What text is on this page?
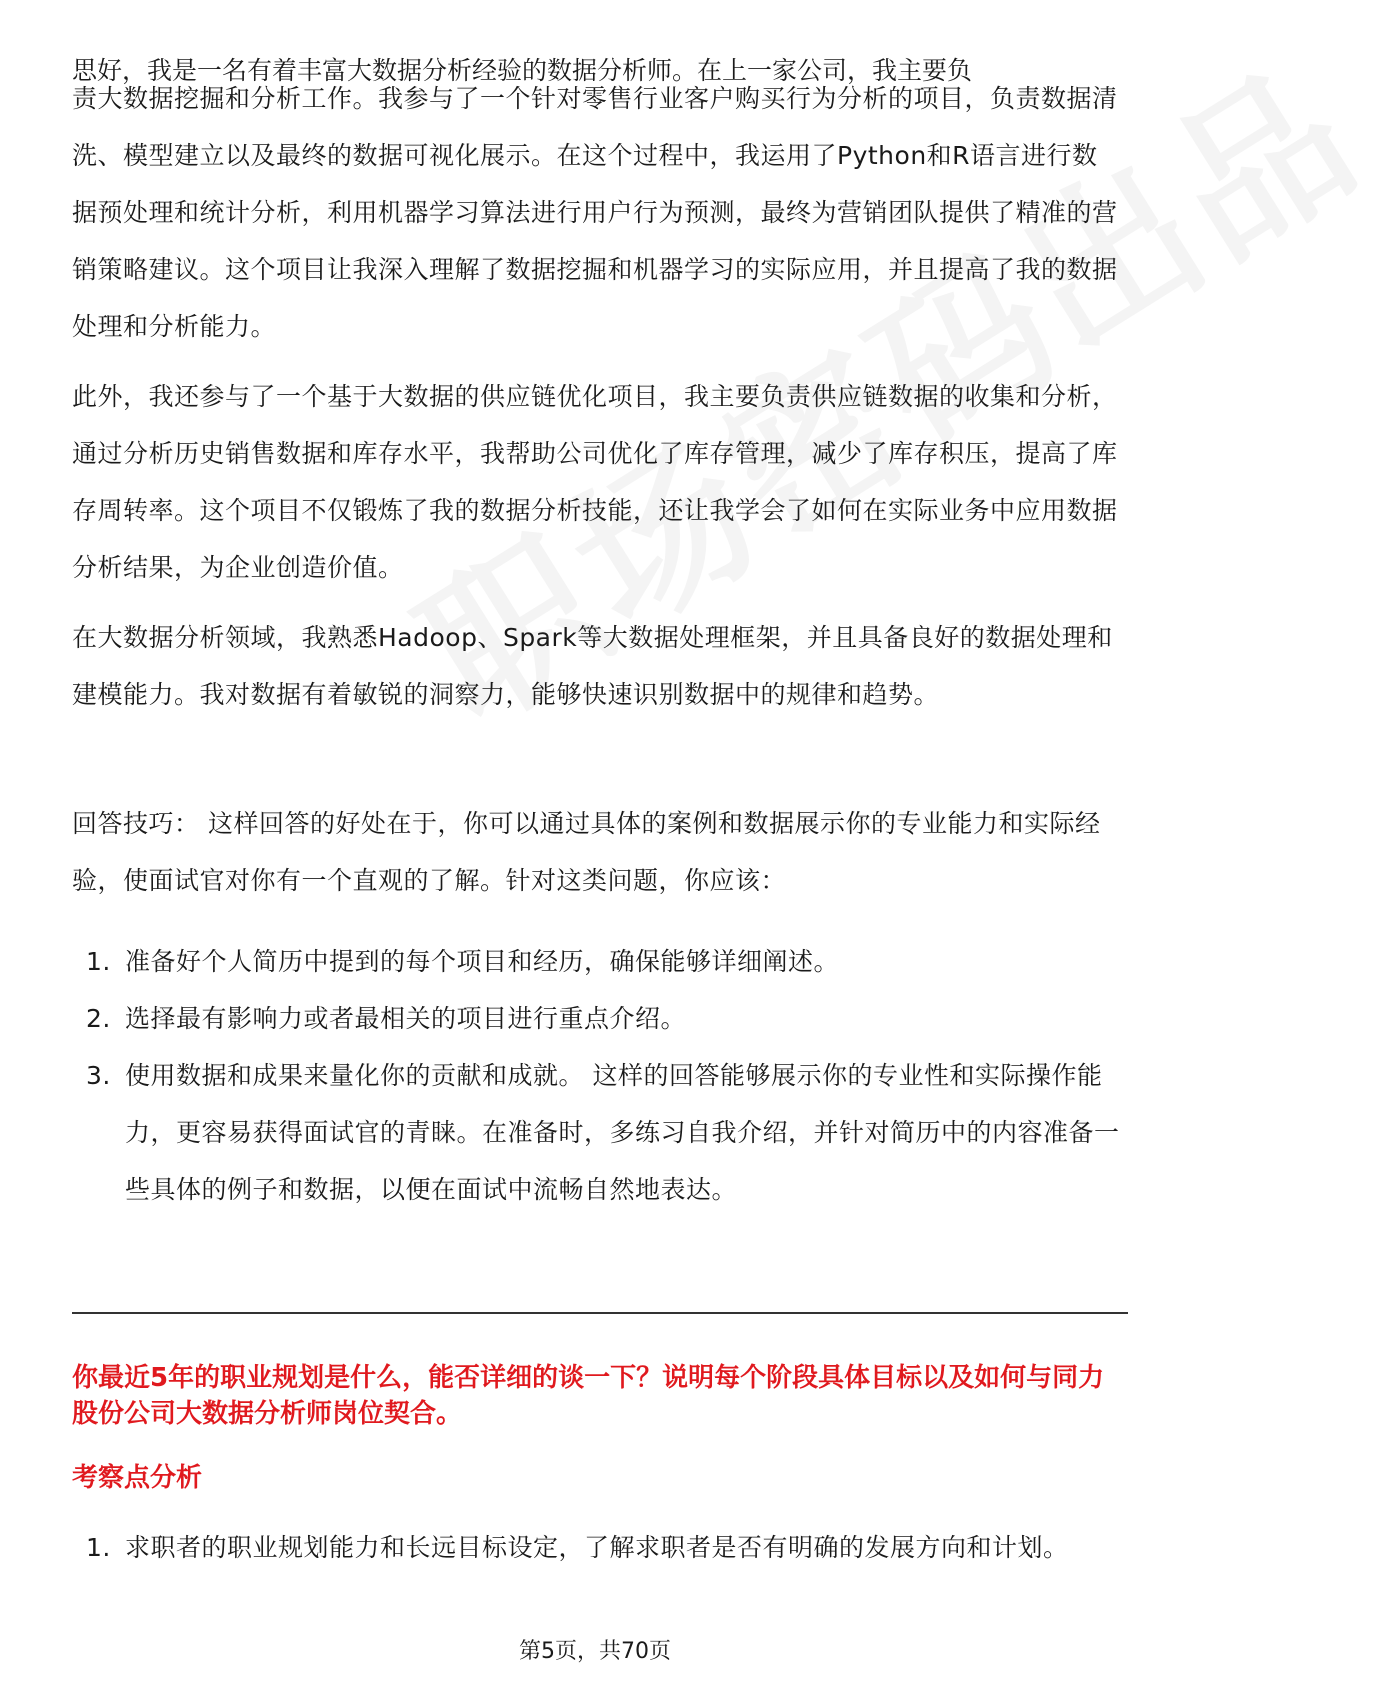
思好，我是一名有着丰富大数据分析经验的数据分析师。在上一家公司，我主要负
责大数据挖掘和分析工作。我参与了一个针对零售行业客户购买行为分析的项目，负责数据清洗、模型建立以及最终的数据可视化展示。在这个过程中，我运用了Python和R语言进行数据预处理和统计分析，利用机器学习算法进行用户行为预测，最终为营销团队提供了精准的营销策略建议。这个项目让我深入理解了数据挖掘和机器学习的实际应用，并且提高了我的数据处理和分析能力。
此外，我还参与了一个基于大数据的供应链优化项目，我主要负责供应链数据的收集和分析，通过分析历史销售数据和库存水平，我帮助公司优化了库存管理，减少了库存积压，提高了库存周转率。这个项目不仅锻炼了我的数据分析技能，还让我学会了如何在实际业务中应用数据分析结果，为企业创造价值。
在大数据分析领域，我熟悉Hadoop、Spark等大数据处理框架，并且具备良好的数据处理和建模能力。我对数据有着敏锐的洞察力，能够快速识别数据中的规律和趋势。
回答技巧： 这样回答的好处在于，你可以通过具体的案例和数据展示你的专业能力和实际经验，使面试官对你有一个直观的了解。针对这类问题，你应该：
1. 准备好个人简历中提到的每个项目和经历，确保能够详细阐述。
2. 选择最有影响力或者最相关的项目进行重点介绍。
3. 使用数据和成果来量化你的贡献和成就。 这样的回答能够展示你的专业性和实际操作能力，更容易获得面试官的青睐。在准备时，多练习自我介绍，并针对简历中的内容准备一些具体的例子和数据，以便在面试中流畅自然地表达。
你最近5年的职业规划是什么，能否详细的谈一下？说明每个阶段具体目标以及如何与同力股份公司大数据分析师岗位契合。
考察点分析
1. 求职者的职业规划能力和长远目标设定，了解求职者是否有明确的发展方向和计划。
第5页，共70页
